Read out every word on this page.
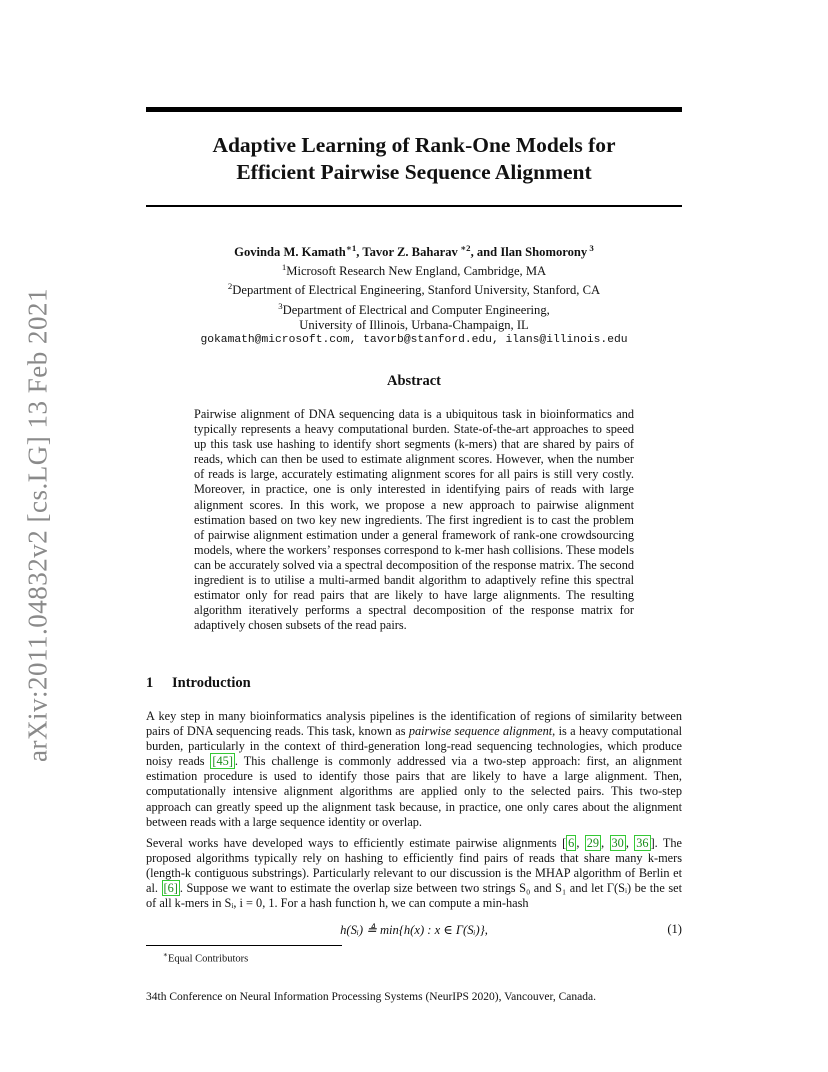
arXiv:2011.04832v2 [cs.LG] 13 Feb 2021
Adaptive Learning of Rank-One Models for
Efficient Pairwise Sequence Alignment
Govinda M. Kamath$^{∗1}$, Tavor Z. Baharav $^{∗2}$, and Ilan Shomorony $^3$
$^1$Microsoft Research New England, Cambridge, MA
$^2$Department of Electrical Engineering, Stanford University, Stanford, CA
$^3$Department of Electrical and Computer Engineering,
University of Illinois, Urbana-Champaign, IL
gokamath@microsoft.com, tavorb@stanford.edu, ilans@illinois.edu
Abstract
Pairwise alignment of DNA sequencing data is a ubiquitous task in bioinformatics and typically represents a heavy computational burden. State-of-the-art approaches to speed up this task use hashing to identify short segments (k-mers) that are shared by pairs of reads, which can then be used to estimate alignment scores. However, when the number of reads is large, accurately estimating alignment scores for all pairs is still very costly. Moreover, in practice, one is only interested in identifying pairs of reads with large alignment scores. In this work, we propose a new approach to pairwise alignment estimation based on two key new ingredients. The first ingredient is to cast the problem of pairwise alignment estimation under a general framework of rank-one crowdsourcing models, where the workers’ responses correspond to k-mer hash collisions. These models can be accurately solved via a spectral decomposition of the response matrix. The second ingredient is to utilise a multi-armed bandit algorithm to adaptively refine this spectral estimator only for read pairs that are likely to have large alignments. The resulting algorithm iteratively performs a spectral decomposition of the response matrix for adaptively chosen subsets of the read pairs.
1 Introduction

A key step in many bioinformatics analysis pipelines is the identification of regions of similarity between pairs of DNA sequencing reads. This task, known as pairwise sequence alignment, is a heavy computational burden, particularly in the context of third-generation long-read sequencing technologies, which produce noisy reads [45] . This challenge is commonly addressed via a two-step approach: first, an alignment estimation procedure is used to identify those pairs that are likely to have a large alignment. Then, computationally intensive alignment algorithms are applied only to the selected pairs. This two-step approach can greatly speed up the alignment task because, in practice, one only cares about the alignment between reads with a large sequence identity or overlap.

Several works have developed ways to efficiently estimate pairwise alignments [ 6 , 29 , 30 , 36 ]. The proposed algorithms typically rely on hashing to efficiently find pairs of reads that share many k-mers (length-k contiguous substrings). Particularly relevant to our discussion is the MHAP algorithm of Berlin et al. [6] . Suppose we want to estimate the overlap size between two strings S₀ and S₁ and let Γ(Sᵢ) be the set of all k-mers in Sᵢ, i = 0, 1. For a hash function h, we can compute a min-hash

h(Sᵢ) ≜ min{h(x) : x ∈ Γ(Sᵢ)},	(1)
∗Equal Contributors
34th Conference on Neural Information Processing Systems (NeurIPS 2020), Vancouver, Canada.
